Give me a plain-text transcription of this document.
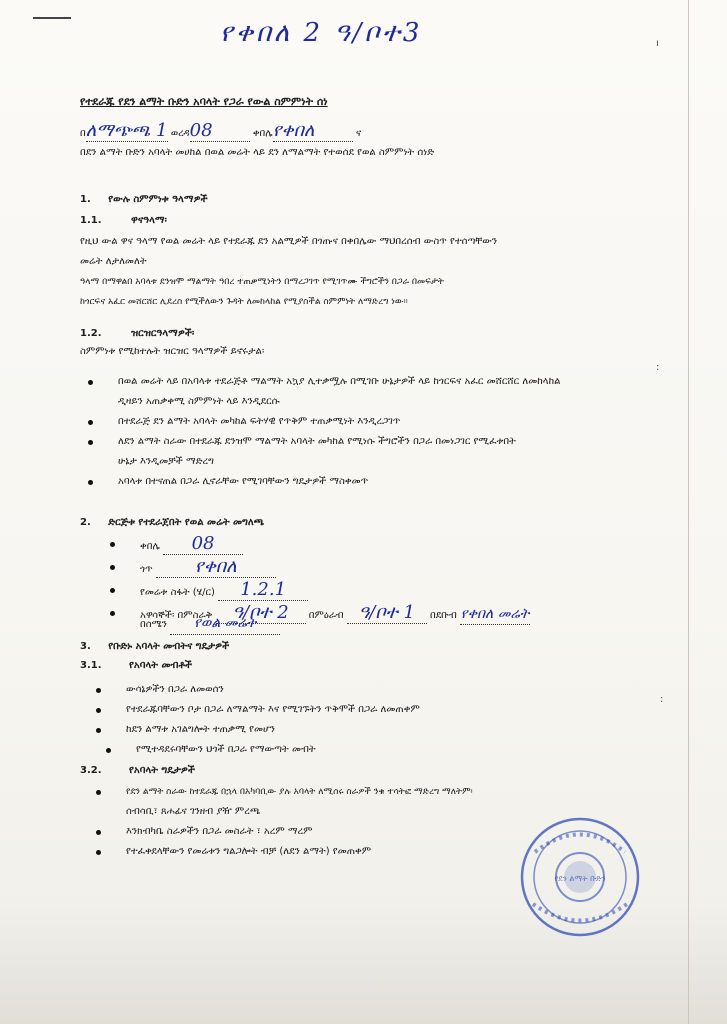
የቀበለ 2 ዓ/ቦተ3
የተደራጁ የደን ልማት ቡድን አባላት የጋራ የውል ስምምነት ሰነ
በለማጭጫ 1 ወረዳ08	ቀበሌየቀበለ	ና
በደን ልማት ቡድን አባላት መሀከል በወል መሬት ላይ ደን ለማልማት የተወሰደ የወል ስምምነት ሰነድ
1. የውሉ ስምምነቱ ዓላማዎች
1.1.	ዋናዓላማ፡
የዚህ ውል ዋና ዓላማ የወል መሬት ላይ የተደራጁ ደን አልሚዎች በጎጡና በቀበሌው ማህበረሰብ ውስጥ የተሰጣቸውን
መሬት ለታለመለት
ዓላማ በማዋልበ አባላቱ ደንዝሞ ማልማት ዓበረ ተጠቃሚነትን በማረጋገጥ የሚገጥሙ ችግሮችን በጋራ በመፍታት
ከጎርፍና አፈር መሸርሸር ሊደረስ የሚችለውን ጉዳት ለመከላከል የሚያስችል ስምምነት ለማድረግ ነው።
1.2.	ዝርዝርዓላማዎች፡
ስምምነቱ የሚከተሉት ዝርዝር ዓላማዎች ይኖሩታል፡
በወል መሬት ላይ በአባላቱ ተደራጅቶ ማልማት አኳያ ሊተቃሟሉ በሚገቡ ሁኔታዎች ላይ ከጎርፍና አፈር መሸርሸር ለመከላከል
ዲዛይን አጠቃቀሚ ስምምነት ላይ እንዲደርሱ
በተደራጅ ደን ልማት አባላት መካከል ፍትሃዊ የጥቅም ተጠቃሚነት እንዲረጋገጥ
ለደን ልማት ስራው በተደራጁ ደንዝሞ ማልማት አባላት መካከል የሚነሱ ችግሮችን በጋራ በመነጋገር የሚፈቱበት
ሁኔታ እንዲመቻች ማድረግ
አባላቱ በተናጠል በጋራ ሊኖራቸው የሚገባቸውን ግዴታዎች ማስቀመጥ
2. ድርጅቱ የተደራጀበት የወል መሬት መግለጫ
ቀበሌ 08
ጎጥ የቀበለ
የመሬቱ ስፋት (ሄ/ር) 1.2.1
አዋሳኞች፡ በምስራቅ ዓ/ቦተ 2 በምዕራብ ዓ/ቦተ 1 በደቡብ የቀበለ መሬት
በሰሜን የወል መሬት
3. የቡድኑ አባላት መብትና ግዴታዎች
3.1.	የአባላት መብቶች
ውሳኔዎችን በጋራ ለመወሰን
የተደራጁባቸውን ቦታ በጋራ ለማልማት እና የሚገኙትን ጥቅሞች በጋራ ለመጠቀም
ከደን ልማቱ አገልግሎት ተጠቃሚ የመሆን
የሚተዳደሩባቸውን ህጎች በጋራ የማውጣት መብት
3.2.	የአባላት ግዴታዎች
የደን ልማት ስራው ከተደራጁ በኋላ በአካባቢው ያሉ አባላት ለሚሰሩ ስራዎች ንቁ ተሳትፎ ማድረግ ማለትም፡
ሰብሳቢ፣ ጸሐፊና ገንዘብ ያዥ ምረጫ
እንክብካቤ ስራዎችን በጋራ መስራት ፣ አረም ማረም
የተፈቀደላቸውን የመሬቱን ግልጋሎት ብቻ (ለደን ልማት) የመጠቀም
የደን ልማት ቡድን
ı
:
:
